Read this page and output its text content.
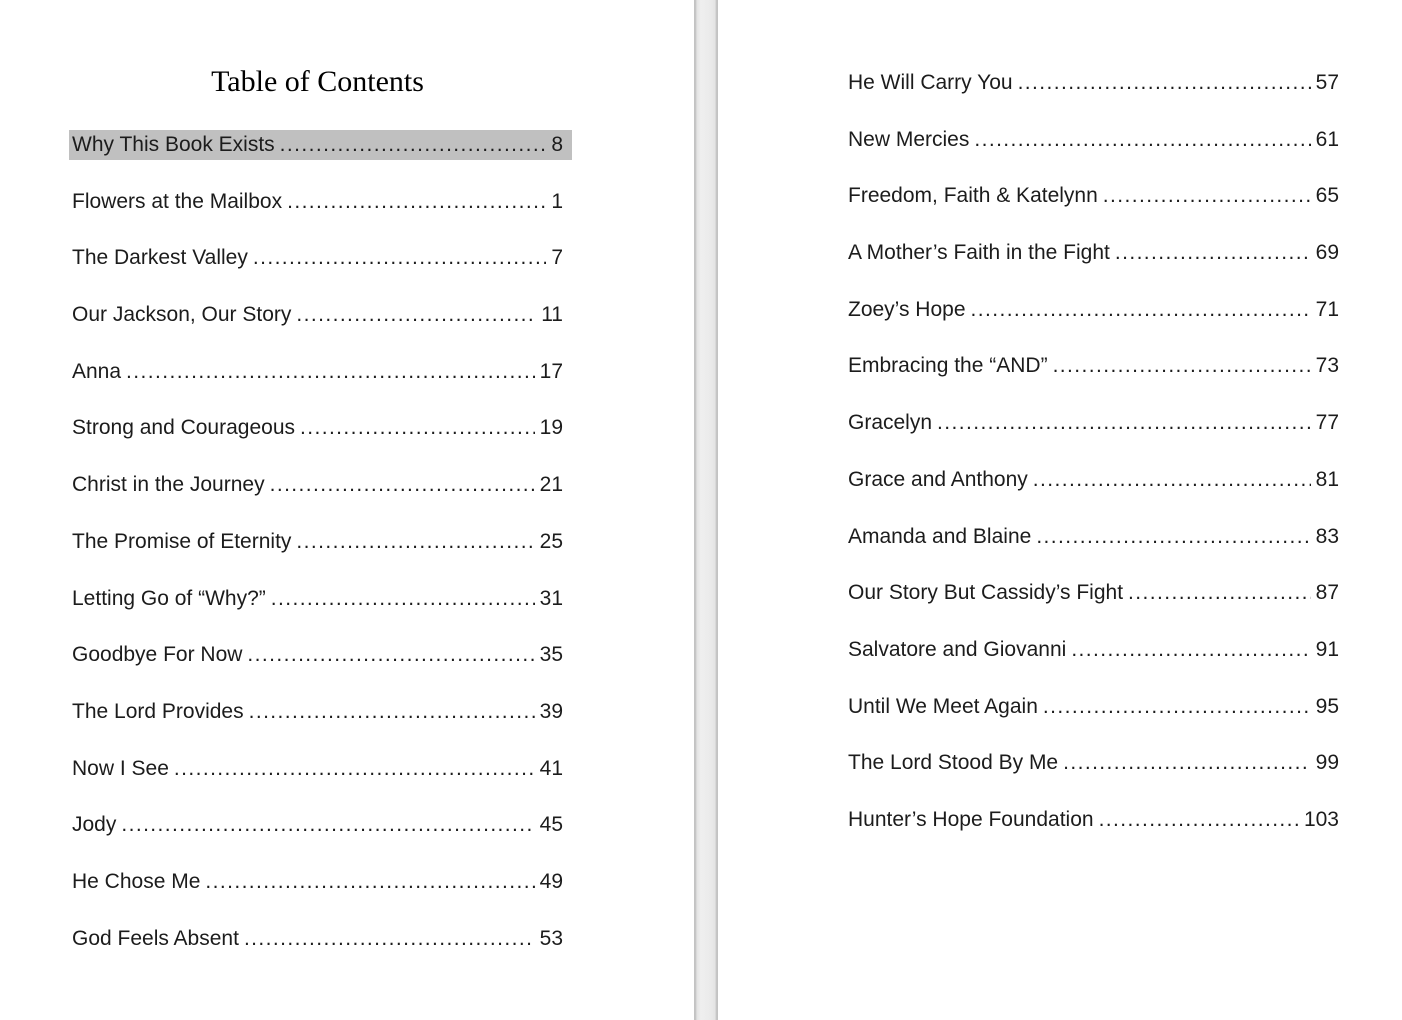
Table of Contents
Why This Book Exists .....	8
Flowers at the Mailbox .....	1
The Darkest Valley .....	7
Our Jackson, Our Story .....	11
Anna .....	17
Strong and Courageous .....	19
Christ in the Journey .....	21
The Promise of Eternity .....	25
Letting Go of “Why?” .....	31
Goodbye For Now .....	35
The Lord Provides .....	39
Now I See .....	41
Jody .....	45
He Chose Me .....	49
God Feels Absent .....	53
He Will Carry You .....	57
New Mercies .....	61
Freedom, Faith & Katelynn .....	65
A Mother’s Faith in the Fight .....	69
Zoey’s Hope .....	71
Embracing the “AND” .....	73
Gracelyn .....	77
Grace and Anthony .....	81
Amanda and Blaine .....	83
Our Story But Cassidy’s Fight .....	87
Salvatore and Giovanni .....	91
Until We Meet Again .....	95
The Lord Stood By Me .....	99
Hunter’s Hope Foundation .....	103
